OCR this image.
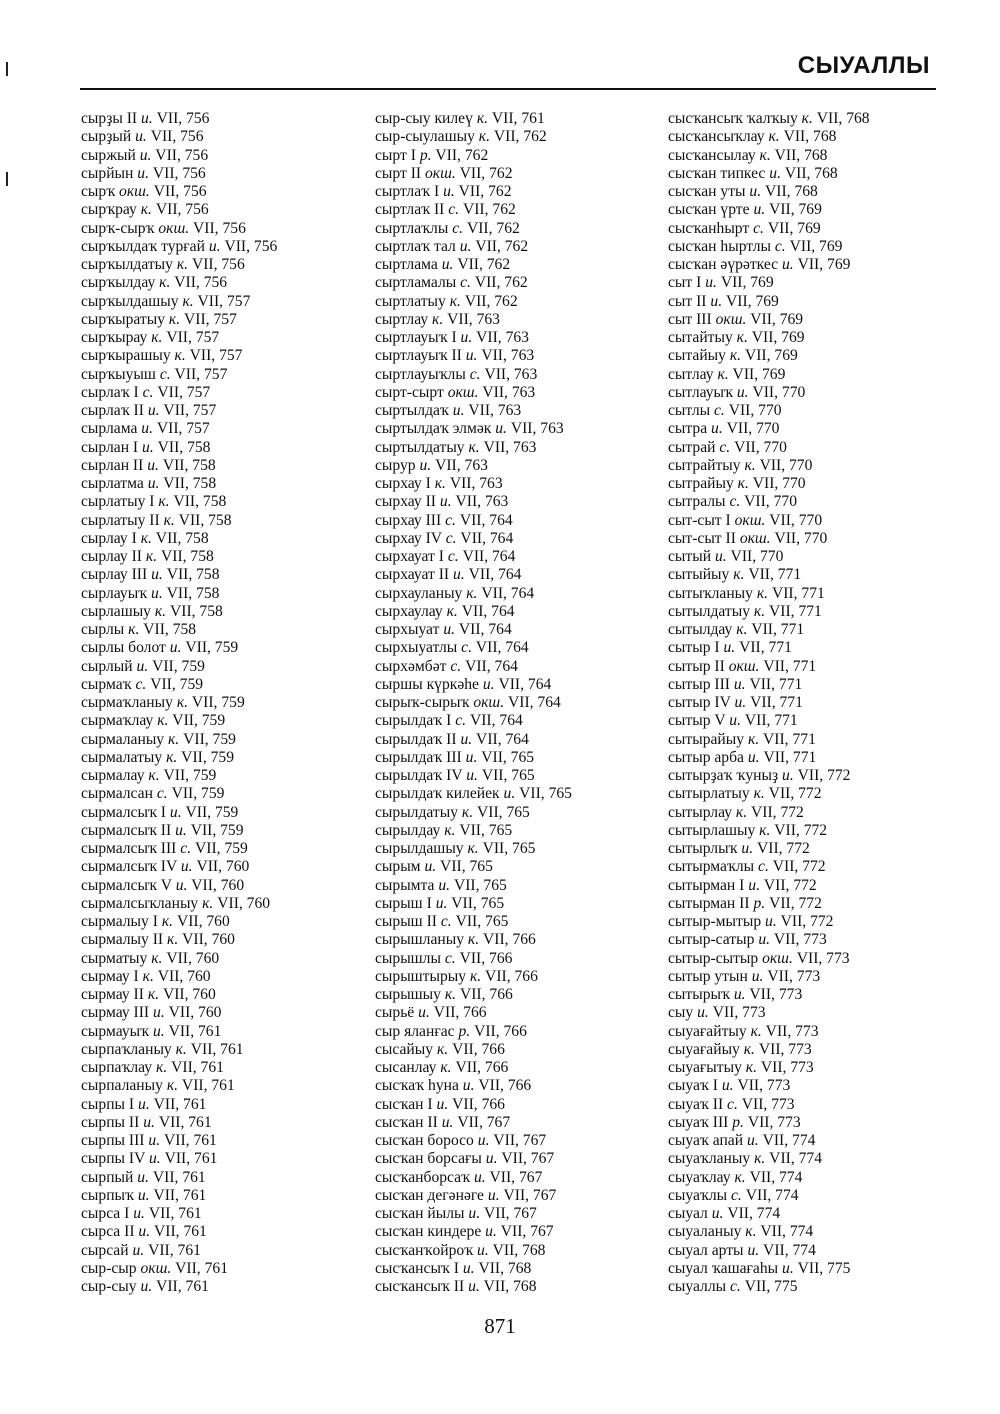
СЫУАЛЛЫ
сырҙы II и. VII, 756
сырҙый и. VII, 756
сыржый и. VII, 756
сырйын и. VII, 756
сырҡ окш. VII, 756
сырҡрау к. VII, 756
сырҡ-сырҡ окш. VII, 756
сырҡылдаҡ турғай и. VII, 756
сырҡылдатыу к. VII, 756
сырҡылдау к. VII, 756
сырҡылдашыу к. VII, 757
сырҡыратыу к. VII, 757
сырҡырау к. VII, 757
сырҡырашыу к. VII, 757
сырҡыуыш с. VII, 757
сырлаҡ I с. VII, 757
сырлаҡ II и. VII, 757
сырлама и. VII, 757
сырлан I и. VII, 758
сырлан II и. VII, 758
сырлатма и. VII, 758
сырлатыу I к. VII, 758
сырлатыу II к. VII, 758
сырлау I к. VII, 758
сырлау II к. VII, 758
сырлау III и. VII, 758
сырлауыҡ и. VII, 758
сырлашыу к. VII, 758
сырлы к. VII, 758
сырлы болот и. VII, 759
сырлый и. VII, 759
сырмаҡ с. VII, 759
сырмаҡланыу к. VII, 759
сырмаҡлау к. VII, 759
сырмаланыу к. VII, 759
сырмалатыу к. VII, 759
сырмалау к. VII, 759
сырмалсан с. VII, 759
сырмалсыҡ I и. VII, 759
сырмалсыҡ II и. VII, 759
сырмалсыҡ III с. VII, 759
сырмалсыҡ IV и. VII, 760
сырмалсыҡ V и. VII, 760
сырмалсыҡланыу к. VII, 760
сырмалыу I к. VII, 760
сырмалыу II к. VII, 760
сырматыу к. VII, 760
сырмау I к. VII, 760
сырмау II к. VII, 760
сырмау III и. VII, 760
сырмауыҡ и. VII, 761
сырпаҡланыу к. VII, 761
сырпаҡлау к. VII, 761
сырпаланыу к. VII, 761
сырпы I и. VII, 761
сырпы II и. VII, 761
сырпы III и. VII, 761
сырпы IV и. VII, 761
сырпый и. VII, 761
сырпыҡ и. VII, 761
сырса I и. VII, 761
сырса II и. VII, 761
сырсай и. VII, 761
сыр-сыр окш. VII, 761
сыр-сыу и. VII, 761
сыр-сыу килеү к. VII, 761
сыр-сыулашыу к. VII, 762
сырт I р. VII, 762
сырт II окш. VII, 762
сыртлаҡ I и. VII, 762
сыртлаҡ II с. VII, 762
сыртлаҡлы с. VII, 762
сыртлаҡ тал и. VII, 762
сыртлама и. VII, 762
сыртламалы с. VII, 762
сыртлатыу к. VII, 762
сыртлау к. VII, 763
сыртлауыҡ I и. VII, 763
сыртлауыҡ II и. VII, 763
сыртлауыҡлы с. VII, 763
сырт-сырт окш. VII, 763
сыртылдаҡ и. VII, 763
сыртылдаҡ элмәк и. VII, 763
сыртылдатыу к. VII, 763
сырур и. VII, 763
сырхау I к. VII, 763
сырхау II и. VII, 763
сырхау III с. VII, 764
сырхау IV с. VII, 764
сырхауат I с. VII, 764
сырхауат II и. VII, 764
сырхауланыу к. VII, 764
сырхаулау к. VII, 764
сырхыуат и. VII, 764
сырхыуатлы с. VII, 764
сырхәмбәт с. VII, 764
сыршы күркәһе и. VII, 764
сырыҡ-сырыҡ окш. VII, 764
сырылдаҡ I с. VII, 764
сырылдаҡ II и. VII, 764
сырылдаҡ III и. VII, 765
сырылдаҡ IV и. VII, 765
сырылдаҡ килейек и. VII, 765
сырылдатыу к. VII, 765
сырылдау к. VII, 765
сырылдашыу к. VII, 765
сырым и. VII, 765
сырымта и. VII, 765
сырыш I и. VII, 765
сырыш II с. VII, 765
сырышланыу к. VII, 766
сырышлы с. VII, 766
сырыштырыу к. VII, 766
сырышыу к. VII, 766
сырьё и. VII, 766
сыр яланғас р. VII, 766
сысайыу к. VII, 766
сысанлау к. VII, 766
сысҡаҡ һуна и. VII, 766
сысҡан I и. VII, 766
сысҡан II и. VII, 767
сысҡан боросо и. VII, 767
сысҡан борсағы и. VII, 767
сысҡанборсаҡ и. VII, 767
сысҡан дегәнәге и. VII, 767
сысҡан йылы и. VII, 767
сысҡан киндере и. VII, 767
сысҡанҡойроҡ и. VII, 768
сысҡансыҡ I и. VII, 768
сысҡансыҡ II и. VII, 768
сысҡансыҡ ҡалҡыу к. VII, 768
сысҡансыҡлау к. VII, 768
сысҡансылау к. VII, 768
сысҡан типкес и. VII, 768
сысҡан уты и. VII, 768
сысҡан үрте и. VII, 769
сысҡанһырт с. VII, 769
сысҡан һыртлы с. VII, 769
сысҡан әүрәткес и. VII, 769
сыт I и. VII, 769
сыт II и. VII, 769
сыт III окш. VII, 769
сытайтыу к. VII, 769
сытайыу к. VII, 769
сытлау к. VII, 769
сытлауыҡ и. VII, 770
сытлы с. VII, 770
сытра и. VII, 770
сытрай с. VII, 770
сытрайтыу к. VII, 770
сытрайыу к. VII, 770
сытралы с. VII, 770
сыт-сыт I окш. VII, 770
сыт-сыт II окш. VII, 770
сытый и. VII, 770
сытыйыу к. VII, 771
сытыҡланыу к. VII, 771
сытылдатыу к. VII, 771
сытылдау к. VII, 771
сытыр I и. VII, 771
сытыр II окш. VII, 771
сытыр III и. VII, 771
сытыр IV и. VII, 771
сытыр V и. VII, 771
сытырайыу к. VII, 771
сытыр арба и. VII, 771
сытырҙаҡ ҡуныҙ и. VII, 772
сытырлатыу к. VII, 772
сытырлау к. VII, 772
сытырлашыу к. VII, 772
сытырлыҡ и. VII, 772
сытырмаҡлы с. VII, 772
сытырман I и. VII, 772
сытырман II р. VII, 772
сытыр-мытыр и. VII, 772
сытыр-сатыр и. VII, 773
сытыр-сытыр окш. VII, 773
сытыр утын и. VII, 773
сытырыҡ и. VII, 773
сыу и. VII, 773
сыуағайтыу к. VII, 773
сыуағайыу к. VII, 773
сыуағытыу к. VII, 773
сыуаҡ I и. VII, 773
сыуаҡ II с. VII, 773
сыуаҡ III р. VII, 773
сыуаҡ апай и. VII, 774
сыуаҡланыу к. VII, 774
сыуаҡлау к. VII, 774
сыуаҡлы с. VII, 774
сыуал и. VII, 774
сыуаланыу к. VII, 774
сыуал арты и. VII, 774
сыуал ҡашағаһы и. VII, 775
сыуаллы с. VII, 775
871
